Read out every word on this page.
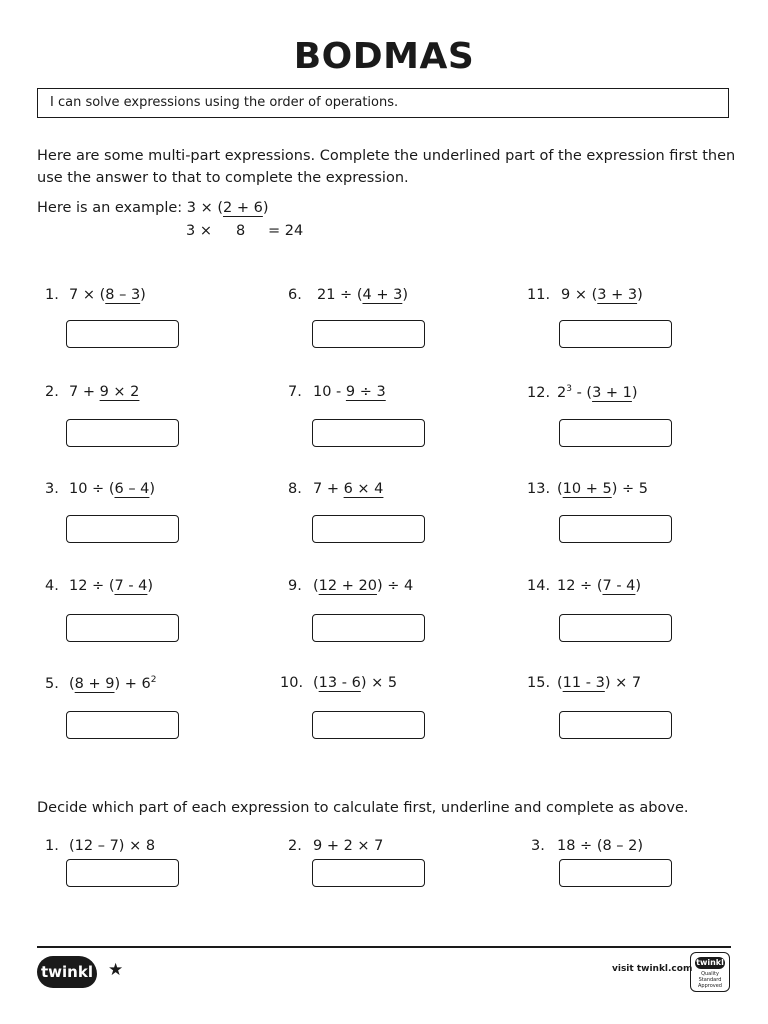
BODMAS
I can solve expressions using the order of operations.
Here are some multi-part expressions. Complete the underlined part of the expression first then use the answer to that to complete the expression.
Here is an example: 3 × (2 + 6)
3 × 8 = 24
1. 7 × (8 – 3)
2. 7 + 9 × 2
3. 10 ÷ (6 – 4)
4. 12 ÷ (7 - 4)
5. $(8 + 9) + 6^2$
6. 21 ÷ (4 + 3)
7. 10 - 9 ÷ 3
8. 7 + 6 × 4
9. (12 + 20) ÷ 4
10. (13 - 6) × 5
11. 9 × (3 + 3)
12. $2^3 - (3 + 1)$
13. (10 + 5) ÷ 5
14. 12 ÷ (7 - 4)
15. (11 - 3) × 7
Decide which part of each expression to calculate first, underline and complete as above.
1. (12 – 7) × 8	2. 9 + 2 × 7	3. 18 ÷ (8 – 2)
twinkl ★	visit twinkl.com
twinkl
Quality Standard Approved
